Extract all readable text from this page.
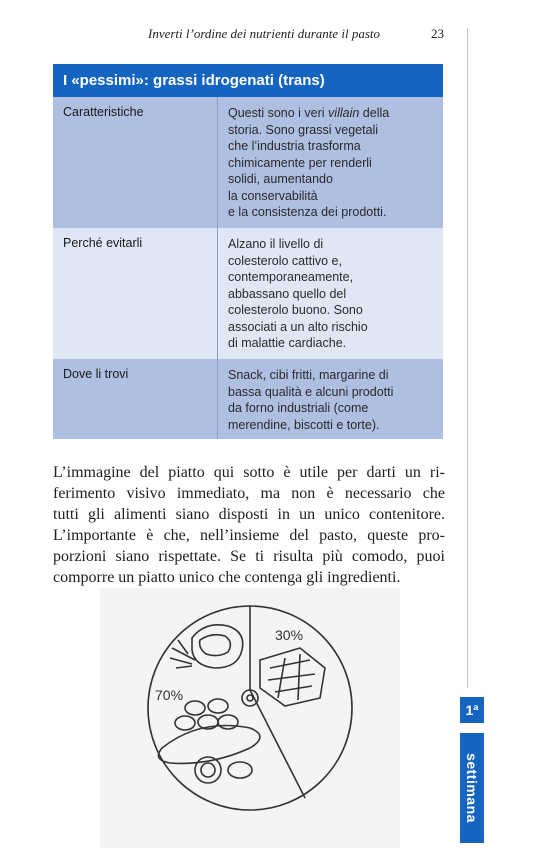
Inverti l’ordine dei nutrienti durante il pasto	23
I «pessimi»: grassi idrogenati (trans)
Caratteristiche	Questi sono i veri villain della
storia. Sono grassi vegetali
che l’industria trasforma
chimicamente per renderli
solidi, aumentando
la conservabilità
e la consistenza dei prodotti.
Perché evitarli	Alzano il livello di
colesterolo cattivo e,
contemporaneamente,
abbassano quello del
colesterolo buono. Sono
associati a un alto rischio
di malattie cardiache.
Dove li trovi	Snack, cibi fritti, margarine di
bassa qualità e alcuni prodotti
da forno industriali (come
merendine, biscotti e torte).
L’immagine del piatto qui sotto è utile per darti un ri-
ferimento visivo immediato, ma non è necessario che
tutti gli alimenti siano disposti in un unico contenitore.
L’importante è che, nell’insieme del pasto, queste pro-
porzioni siano rispettate. Se ti risulta più comodo, puoi
comporre un piatto unico che contenga gli ingredienti.
70%
30%
1ª
settimana
